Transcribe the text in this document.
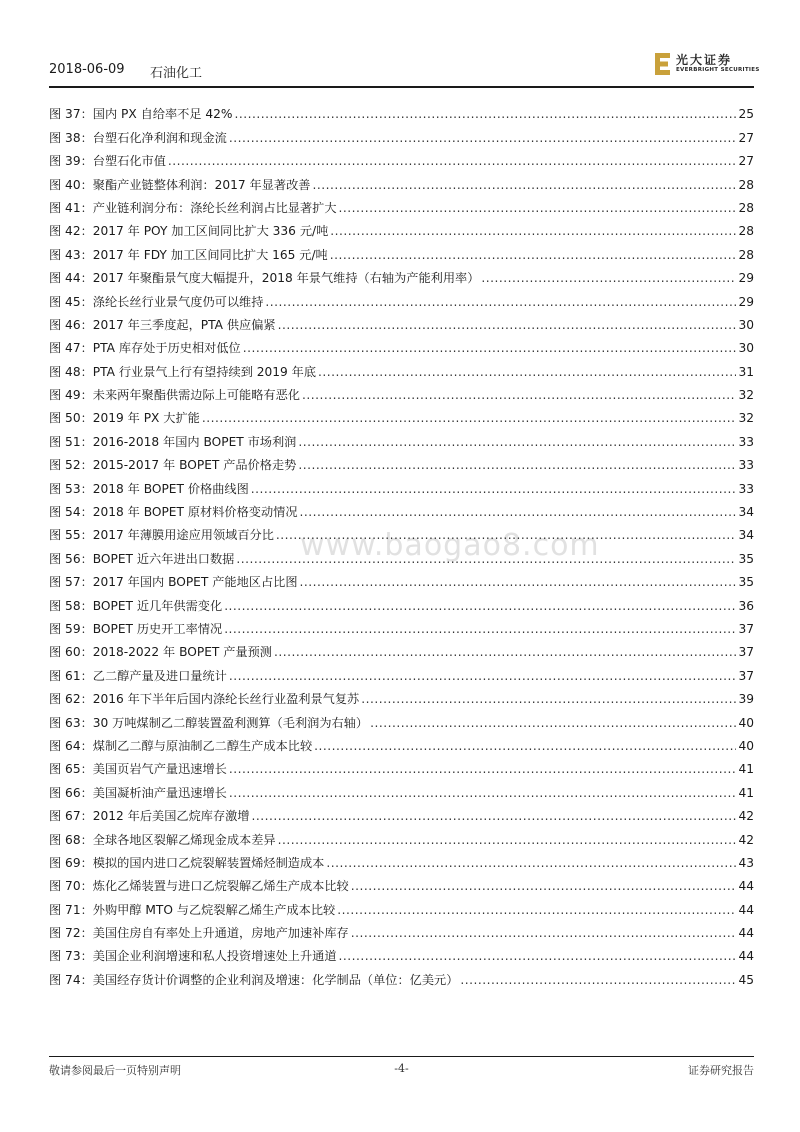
2018-06-09 石油化工
光大证券
EVERBRIGHT SECURITIES
www.baogao8.com
图 37：国内 PX 自给率不足 42% .....	25
图 38：台塑石化净利润和现金流 .....	27
图 39：台塑石化市值 .....	27
图 40：聚酯产业链整体利润：2017 年显著改善 .....	28
图 41：产业链利润分布：涤纶长丝利润占比显著扩大 .....	28
图 42：2017 年 POY 加工区间同比扩大 336 元/吨 .....	28
图 43：2017 年 FDY 加工区间同比扩大 165 元/吨 .....	28
图 44：2017 年聚酯景气度大幅提升，2018 年景气维持（右轴为产能利用率） .....	29
图 45：涤纶长丝行业景气度仍可以维持 .....	29
图 46：2017 年三季度起，PTA 供应偏紧 .....	30
图 47：PTA 库存处于历史相对低位 .....	30
图 48：PTA 行业景气上行有望持续到 2019 年底 .....	31
图 49：未来两年聚酯供需边际上可能略有恶化 .....	32
图 50：2019 年 PX 大扩能 .....	32
图 51：2016-2018 年国内 BOPET 市场利润 .....	33
图 52：2015-2017 年 BOPET 产品价格走势 .....	33
图 53：2018 年 BOPET 价格曲线图 .....	33
图 54：2018 年 BOPET 原材料价格变动情况 .....	34
图 55：2017 年薄膜用途应用领域百分比 .....	34
图 56：BOPET 近六年进出口数据 .....	35
图 57：2017 年国内 BOPET 产能地区占比图 .....	35
图 58：BOPET 近几年供需变化 .....	36
图 59：BOPET 历史开工率情况 .....	37
图 60：2018-2022 年 BOPET 产量预测 .....	37
图 61：乙二醇产量及进口量统计 .....	37
图 62：2016 年下半年后国内涤纶长丝行业盈利景气复苏 .....	39
图 63：30 万吨煤制乙二醇装置盈利测算（毛利润为右轴） .....	40
图 64：煤制乙二醇与原油制乙二醇生产成本比较 .....	40
图 65：美国页岩气产量迅速增长 .....	41
图 66：美国凝析油产量迅速增长 .....	41
图 67：2012 年后美国乙烷库存激增 .....	42
图 68：全球各地区裂解乙烯现金成本差异 .....	42
图 69：模拟的国内进口乙烷裂解装置烯烃制造成本 .....	43
图 70：炼化乙烯装置与进口乙烷裂解乙烯生产成本比较 .....	44
图 71：外购甲醇 MTO 与乙烷裂解乙烯生产成本比较 .....	44
图 72：美国住房自有率处上升通道，房地产加速补库存 .....	44
图 73：美国企业利润增速和私人投资增速处上升通道 .....	44
图 74：美国经存货计价调整的企业利润及增速：化学制品（单位：亿美元） .....	45
敬请参阅最后一页特别声明	-4-	证券研究报告
